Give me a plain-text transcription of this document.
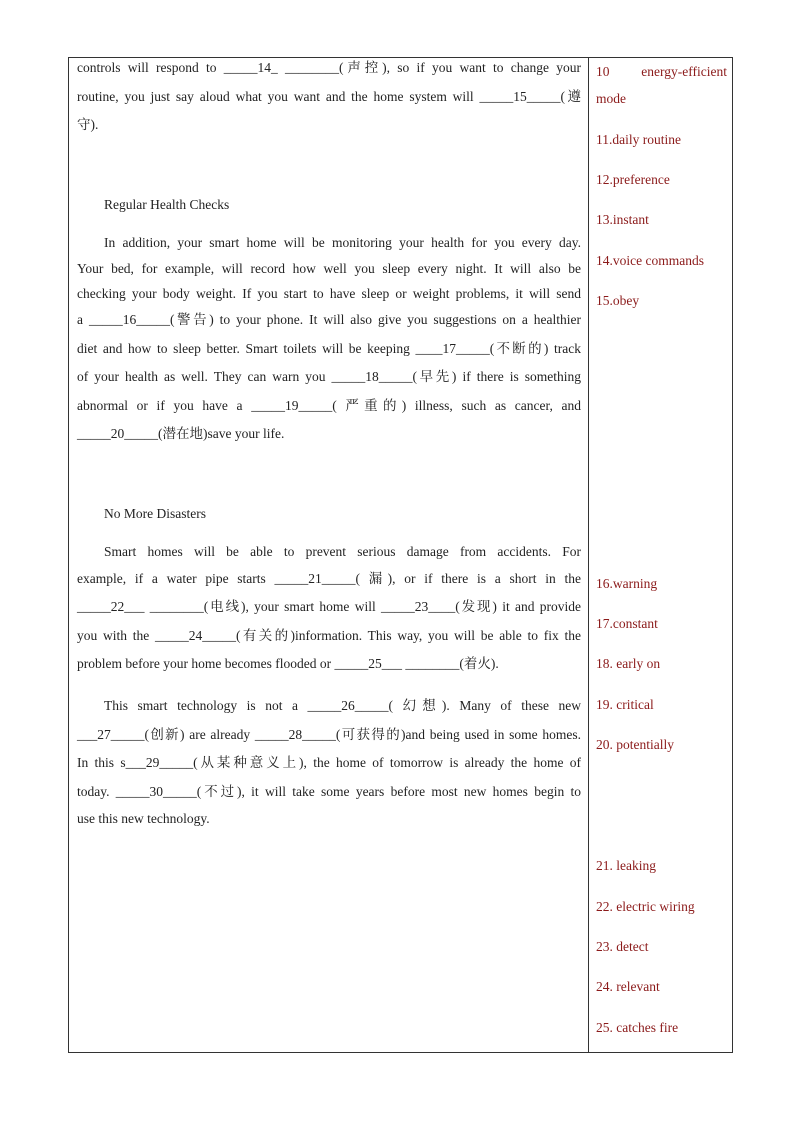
controls will respond to _____14_ ________(声控), so if you want to change your
routine, you just say aloud what you want and the home system will _____15_____(遵
守).
Regular Health Checks
In addition, your smart home will be monitoring your health for you every day.
Your bed, for example, will record how well you sleep every night. It will also be
checking your body weight. If you start to have sleep or weight problems, it will send
a _____16_____(警告) to your phone. It will also give you suggestions on a healthier
diet and how to sleep better. Smart toilets will be keeping ____17_____(不断的) track
of your health as well. They can warn you _____18_____(早先) if there is something
abnormal or if you have a _____19_____( 严重的) illness, such as cancer, and
_____20_____(潜在地)save your life.
No More Disasters
Smart homes will be able to prevent serious damage from accidents. For
example, if a water pipe starts _____21_____( 漏), or if there is a short in the
_____22___ ________(电线), your smart home will _____23____(发现) it and provide
you with the _____24_____(有关的)information. This way, you will be able to fix the
problem before your home becomes flooded or _____25___ ________(着火).
This smart technology is not a _____26_____( 幻想). Many of these new
___27_____(创新) are already _____28_____(可获得的)and being used in some homes.
In this s___29_____(从某种意义上), the home of tomorrow is already the home of
today. _____30_____(不过), it will take some years before most new homes begin to
use this new technology.
10 energy-efficient
mode
11.daily routine
12.preference
13.instant
14.voice commands
15.obey
16.warning
17.constant
18. early on
19. critical
20. potentially
21. leaking
22. electric wiring
23. detect
24. relevant
25. catches fire
